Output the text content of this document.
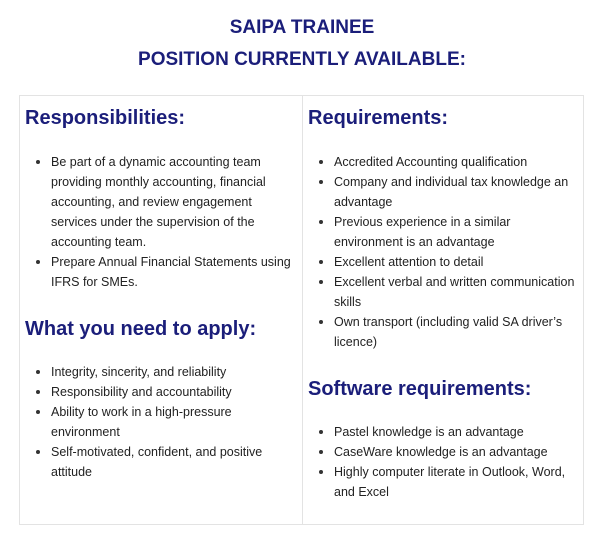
SAIPA TRAINEE
POSITION CURRENTLY AVAILABLE:
Responsibilities:
Be part of a dynamic accounting team providing monthly accounting, financial accounting, and review engagement services under the supervision of the accounting team.
Prepare Annual Financial Statements using IFRS for SMEs.
What you need to apply:
Integrity, sincerity, and reliability
Responsibility and accountability
Ability to work in a high-pressure environment
Self-motivated, confident, and positive attitude
Requirements:
Accredited Accounting qualification
Company and individual tax knowledge an advantage
Previous experience in a similar environment is an advantage
Excellent attention to detail
Excellent verbal and written communication skills
Own transport (including valid SA driver’s licence)
Software requirements:
Pastel knowledge is an advantage
CaseWare knowledge is an advantage
Highly computer literate in Outlook, Word, and Excel
